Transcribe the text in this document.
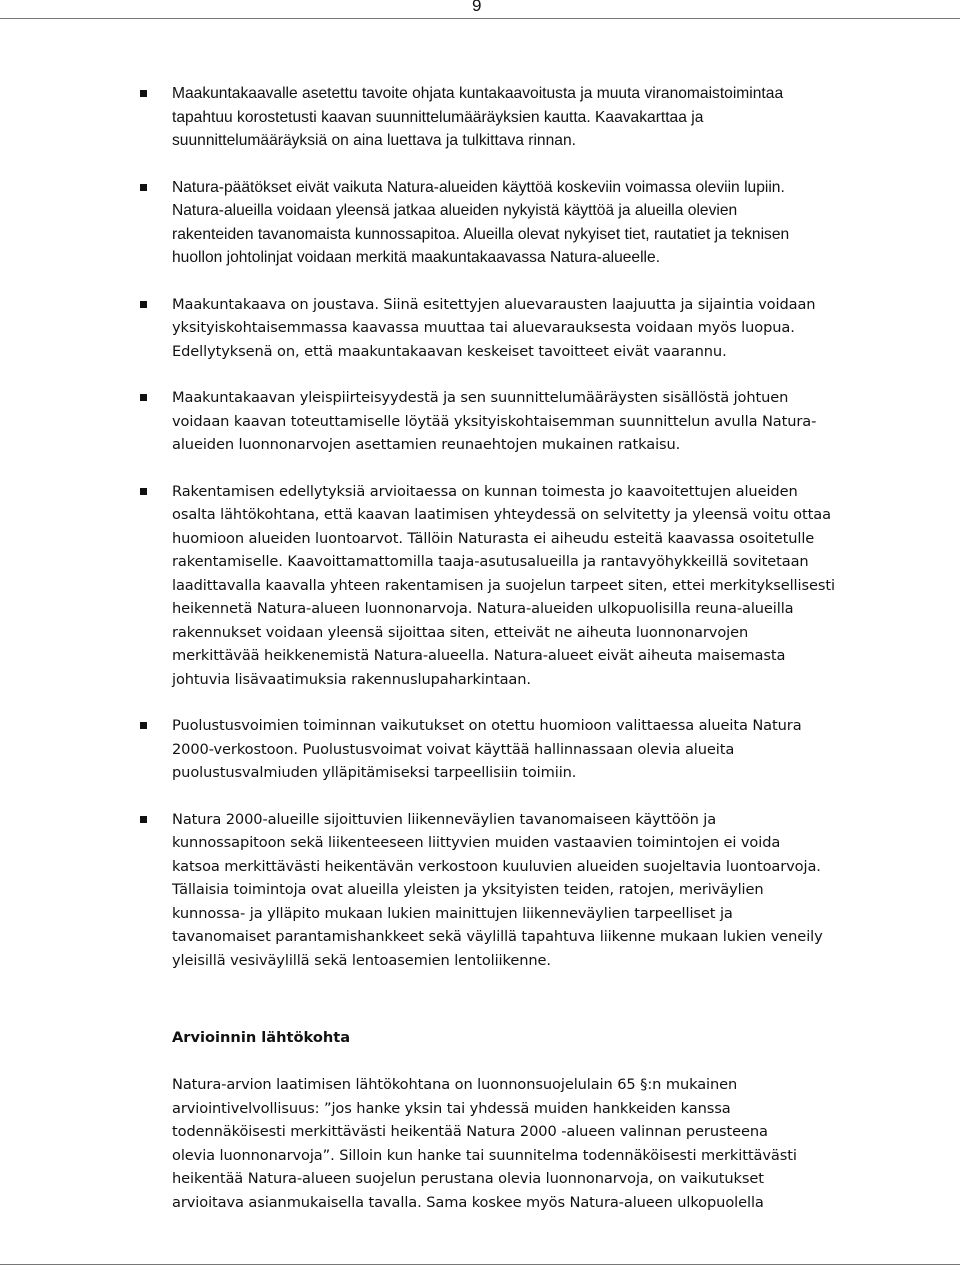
9
Maakuntakaavalle asetettu tavoite ohjata kuntakaavoitusta ja muuta viranomaistoimintaa
tapahtuu korostetusti kaavan suunnittelumääräyksien kautta. Kaavakarttaa ja
suunnittelumääräyksiä on aina luettava ja tulkittava rinnan.
Natura-päätökset eivät vaikuta Natura-alueiden käyttöä koskeviin voimassa oleviin lupiin.
Natura-alueilla voidaan yleensä jatkaa alueiden nykyistä käyttöä ja alueilla olevien
rakenteiden tavanomaista kunnossapitoa. Alueilla olevat nykyiset tiet, rautatiet ja teknisen
huollon johtolinjat voidaan merkitä maakuntakaavassa Natura-alueelle.
Maakuntakaava on joustava. Siinä esitettyjen aluevarausten laajuutta ja sijaintia voidaan
yksityiskohtaisemmassa kaavassa muuttaa tai aluevarauksesta voidaan myös luopua.
Edellytyksenä on, että maakuntakaavan keskeiset tavoitteet eivät vaarannu.
Maakuntakaavan yleispiirteisyydestä ja sen suunnittelumääräysten sisällöstä johtuen
voidaan kaavan toteuttamiselle löytää yksityiskohtaisemman suunnittelun avulla Natura-
alueiden luonnonarvojen asettamien reunaehtojen mukainen ratkaisu.
Rakentamisen edellytyksiä arvioitaessa on kunnan toimesta jo kaavoitettujen alueiden
osalta lähtökohtana, että kaavan laatimisen yhteydessä on selvitetty ja yleensä voitu ottaa
huomioon alueiden luontoarvot. Tällöin Naturasta ei aiheudu esteitä kaavassa osoitetulle
rakentamiselle. Kaavoittamattomilla taaja-asutusalueilla ja rantavyöhykkeillä sovitetaan
laadittavalla kaavalla yhteen rakentamisen ja suojelun tarpeet siten, ettei merkityksellisesti
heikennetä Natura-alueen luonnonarvoja. Natura-alueiden ulkopuolisilla reuna-alueilla
rakennukset voidaan yleensä sijoittaa siten, etteivät ne aiheuta luonnonarvojen
merkittävää heikkenemistä Natura-alueella. Natura-alueet eivät aiheuta maisemasta
johtuvia lisävaatimuksia rakennuslupaharkintaan.
Puolustusvoimien toiminnan vaikutukset on otettu huomioon valittaessa alueita Natura
2000-verkostoon. Puolustusvoimat voivat käyttää hallinnassaan olevia alueita
puolustusvalmiuden ylläpitämiseksi tarpeellisiin toimiin.
Natura 2000-alueille sijoittuvien liikenneväylien tavanomaiseen käyttöön ja
kunnossapitoon sekä liikenteeseen liittyvien muiden vastaavien toimintojen ei voida
katsoa merkittävästi heikentävän verkostoon kuuluvien alueiden suojeltavia luontoarvoja.
Tällaisia toimintoja ovat alueilla yleisten ja yksityisten teiden, ratojen, meriväylien
kunnossa- ja ylläpito mukaan lukien mainittujen liikenneväylien tarpeelliset ja
tavanomaiset parantamishankkeet sekä väylillä tapahtuva liikenne mukaan lukien veneily
yleisillä vesiväylillä sekä lentoasemien lentoliikenne.
Arvioinnin lähtökohta
Natura-arvion laatimisen lähtökohtana on luonnonsuojelulain 65 §:n mukainen
arviointivelvollisuus: ”jos hanke yksin tai yhdessä muiden hankkeiden kanssa
todennäköisesti merkittävästi heikentää Natura 2000 -alueen valinnan perusteena
olevia luonnonarvoja”. Silloin kun hanke tai suunnitelma todennäköisesti merkittävästi
heikentää Natura-alueen suojelun perustana olevia luonnonarvoja, on vaikutukset
arvioitava asianmukaisella tavalla. Sama koskee myös Natura-alueen ulkopuolella
